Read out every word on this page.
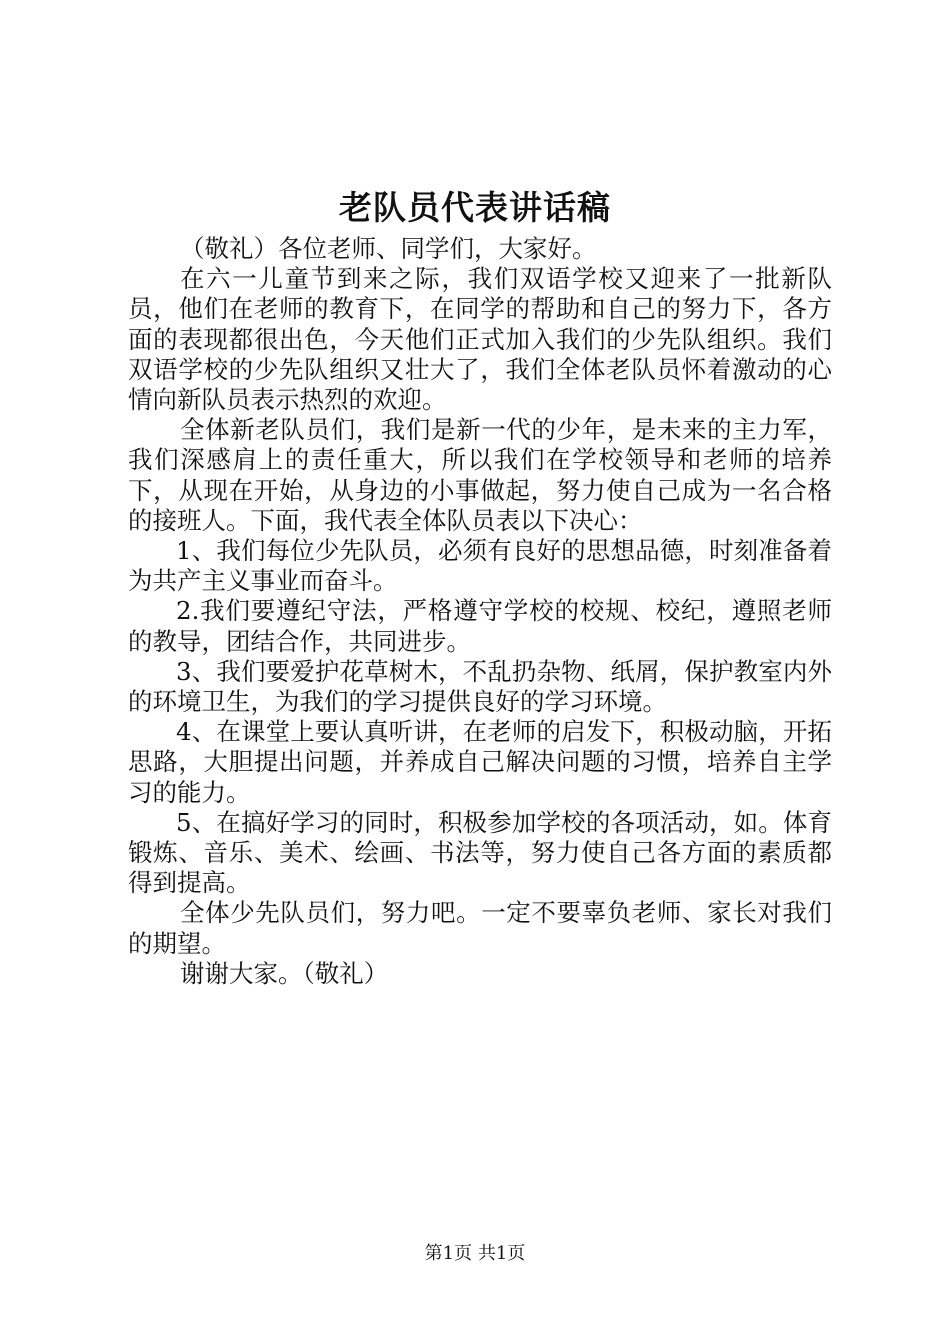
老队员代表讲话稿

（敬礼）各位老师、同学们，大家好。

在六一儿童节到来之际，我们双语学校又迎来了一批新队员，他们在老师的教育下，在同学的帮助和自己的努力下，各方面的表现都很出色，今天他们正式加入我们的少先队组织。我们双语学校的少先队组织又壮大了，我们全体老队员怀着激动的心情向新队员表示热烈的欢迎。

全体新老队员们，我们是新一代的少年，是未来的主力军，我们深感肩上的责任重大，所以我们在学校领导和老师的培养下，从现在开始，从身边的小事做起，努力使自己成为一名合格的接班人。下面，我代表全体队员表以下决心：

1、我们每位少先队员，必须有良好的思想品德，时刻准备着为共产主义事业而奋斗。

2.我们要遵纪守法，严格遵守学校的校规、校纪，遵照老师的教导，团结合作，共同进步。

3、我们要爱护花草树木，不乱扔杂物、纸屑，保护教室内外的环境卫生，为我们的学习提供良好的学习环境。

4、在课堂上要认真听讲，在老师的启发下，积极动脑，开拓思路，大胆提出问题，并养成自己解决问题的习惯，培养自主学习的能力。

5、在搞好学习的同时，积极参加学校的各项活动，如。体育锻炼、音乐、美术、绘画、书法等，努力使自己各方面的素质都得到提高。

全体少先队员们，努力吧。一定不要辜负老师、家长对我们的期望。

谢谢大家。（敬礼）

第1页 共1页
